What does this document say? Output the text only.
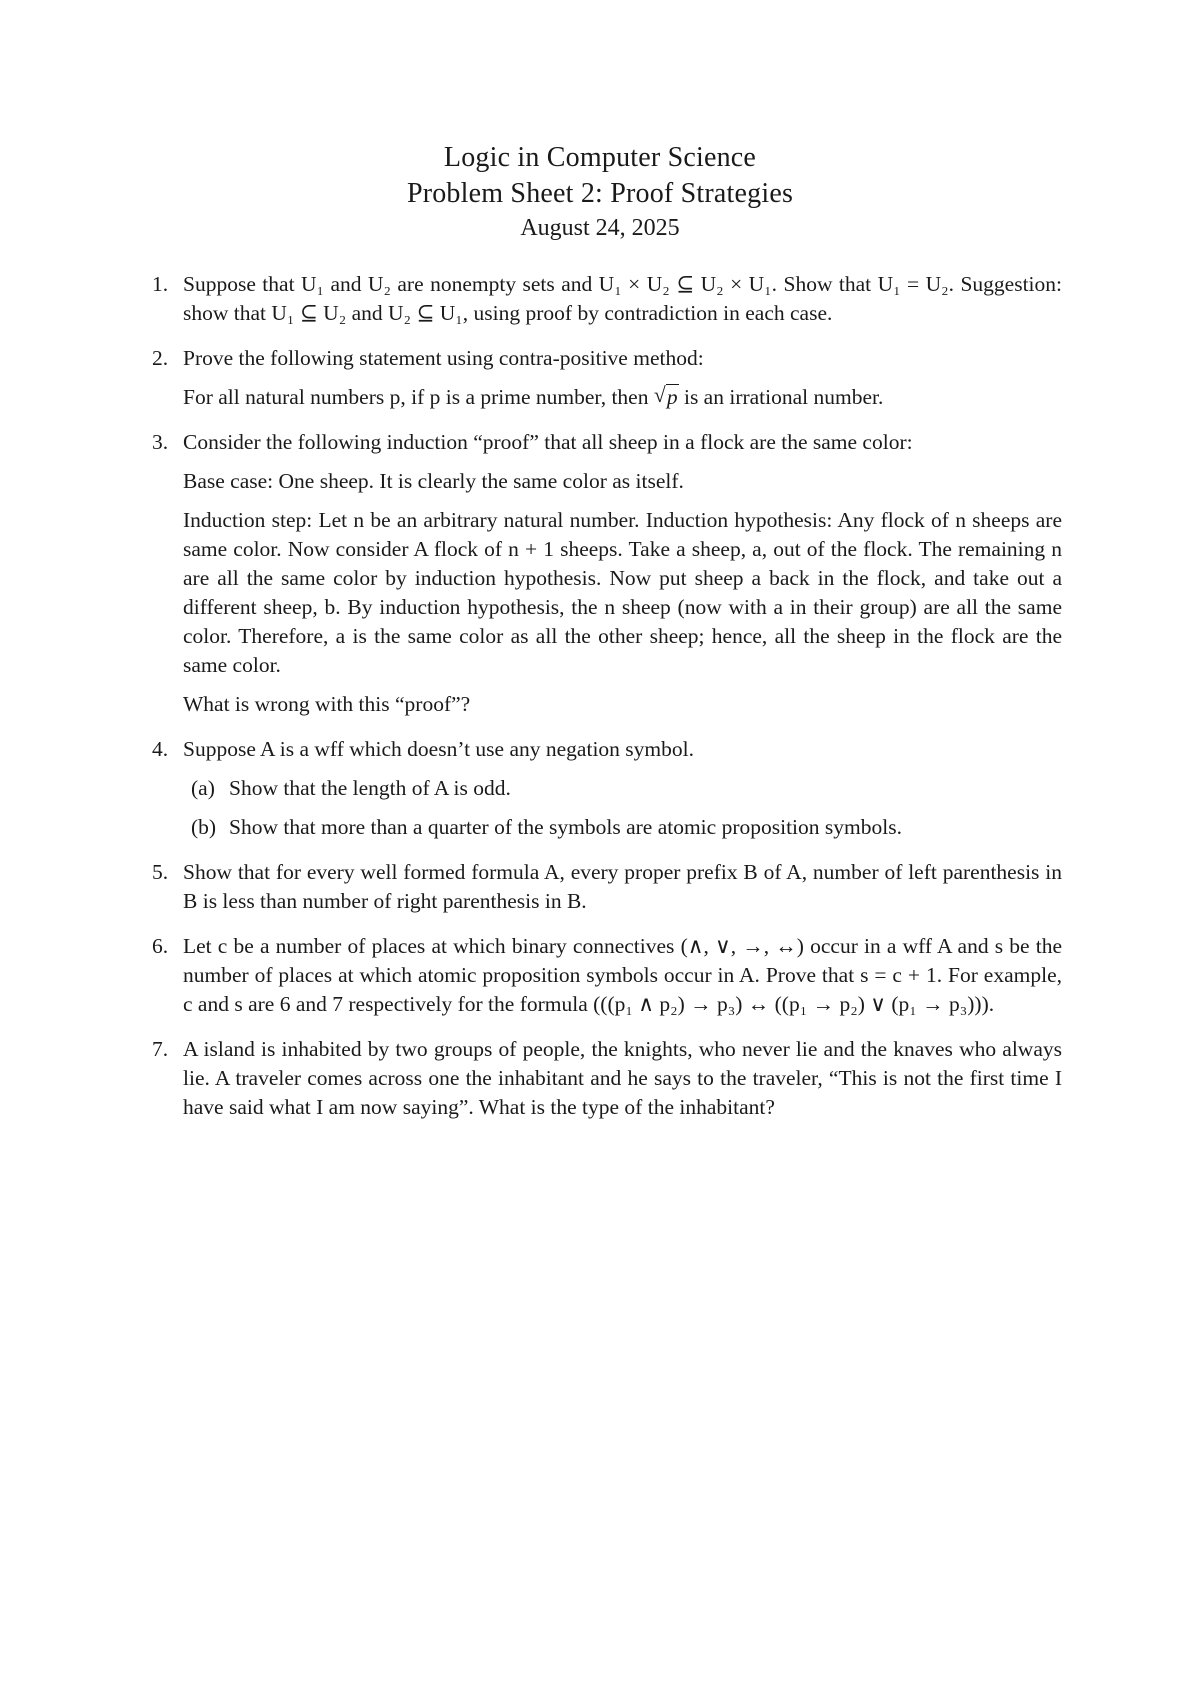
Logic in Computer Science
Problem Sheet 2: Proof Strategies
August 24, 2025
1. Suppose that U₁ and U₂ are nonempty sets and U₁ × U₂ ⊆ U₂ × U₁. Show that U₁ = U₂. Suggestion: show that U₁ ⊆ U₂ and U₂ ⊆ U₁, using proof by contradiction in each case.

2. Prove the following statement using contra-positive method:

For all natural numbers p, if p is a prime number, then √ p is an irrational number.

3. Consider the following induction “proof” that all sheep in a flock are the same color:

Base case: One sheep. It is clearly the same color as itself.

Induction step: Let n be an arbitrary natural number. Induction hypothesis: Any flock of n sheeps are same color. Now consider A flock of n + 1 sheeps. Take a sheep, a, out of the flock. The remaining n are all the same color by induction hypothesis. Now put sheep a back in the flock, and take out a different sheep, b. By induction hypothesis, the n sheep (now with a in their group) are all the same color. Therefore, a is the same color as all the other sheep; hence, all the sheep in the flock are the same color.

What is wrong with this “proof”?

4. Suppose A is a wff which doesn’t use any negation symbol.

(a) Show that the length of A is odd.
(b) Show that more than a quarter of the symbols are atomic proposition symbols.
5. Show that for every well formed formula A, every proper prefix B of A, number of left parenthesis in B is less than number of right parenthesis in B.

6. Let c be a number of places at which binary connectives (∧, ∨, →, ↔) occur in a wff A and s be the number of places at which atomic proposition symbols occur in A. Prove that s = c + 1. For example, c and s are 6 and 7 respectively for the formula (((p₁ ∧ p₂) → p₃) ↔ ((p₁ → p₂) ∨ (p₁ → p₃))).

7. A island is inhabited by two groups of people, the knights, who never lie and the knaves who always lie. A traveler comes across one the inhabitant and he says to the traveler, “This is not the first time I have said what I am now saying”. What is the type of the inhabitant?
